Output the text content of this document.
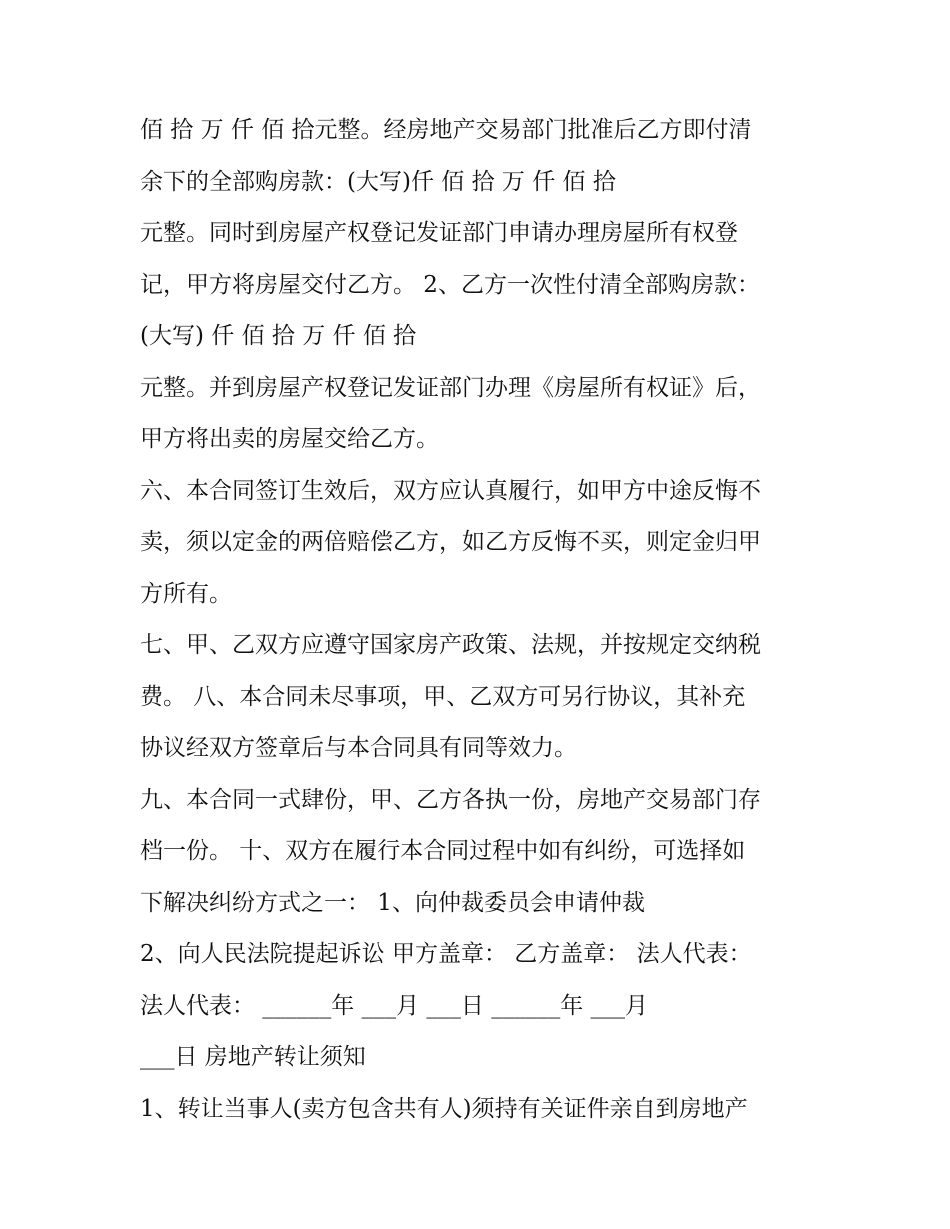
佰 拾 万 仟 佰 拾元整。经房地产交易部门批准后乙方即付清

余下的全部购房款：(大写)仟 佰 拾 万 仟 佰 拾

元整。同时到房屋产权登记发证部门申请办理房屋所有权登

记，甲方将房屋交付乙方。 2、乙方一次性付清全部购房款：

(大写) 仟 佰 拾 万 仟 佰 拾

元整。并到房屋产权登记发证部门办理《房屋所有权证》后，

甲方将出卖的房屋交给乙方。

六、本合同签订生效后，双方应认真履行，如甲方中途反悔不

卖，须以定金的两倍赔偿乙方，如乙方反悔不买，则定金归甲

方所有。

七、甲、乙双方应遵守国家房产政策、法规，并按规定交纳税

费。 八、本合同未尽事项，甲、乙双方可另行协议，其补充

协议经双方签章后与本合同具有同等效力。

九、本合同一式肆份，甲、乙方各执一份，房地产交易部门存

档一份。 十、双方在履行本合同过程中如有纠纷，可选择如

下解决纠纷方式之一： 1、向仲裁委员会申请仲裁

2、向人民法院提起诉讼 甲方盖章： 乙方盖章： 法人代表：

法人代表： ______年 ___月 ___日 ______年 ___月

___日 房地产转让须知

1、转让当事人(卖方包含共有人)须持有关证件亲自到房地产
